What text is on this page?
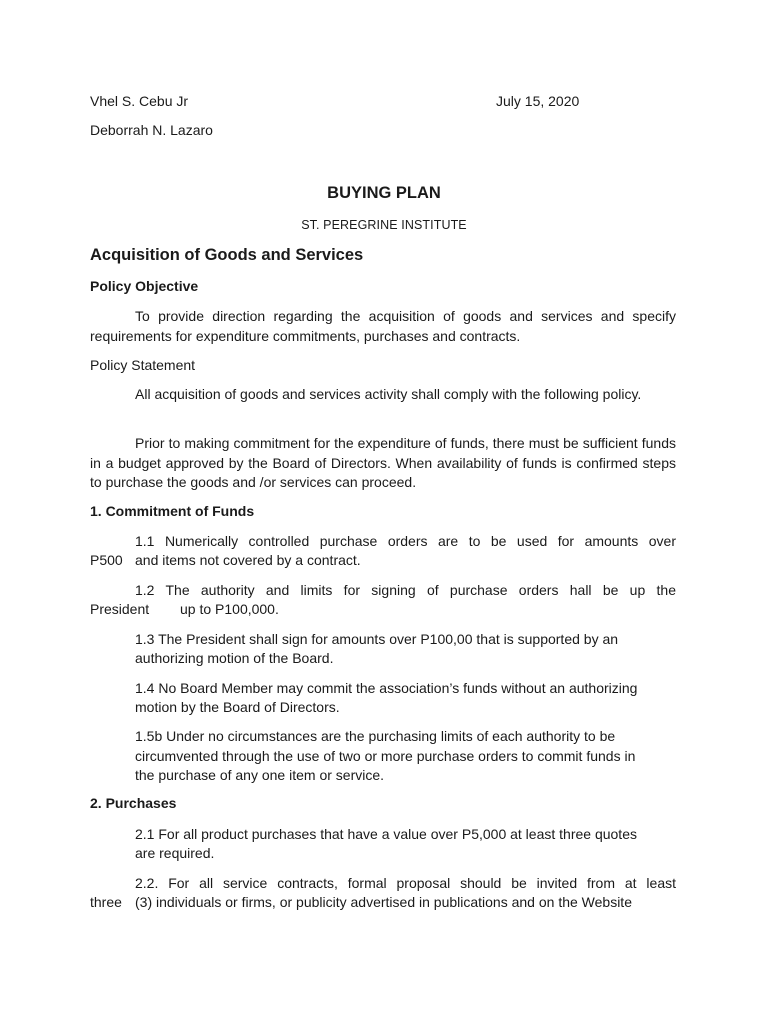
Vhel S. Cebu Jr	July 15, 2020

Deborrah N. Lazaro

BUYING PLAN

ST. PEREGRINE INSTITUTE

Acquisition of Goods and Services

Policy Objective

To provide direction regarding the acquisition of goods and services and specify requirements for expenditure commitments, purchases and contracts.

Policy Statement

All acquisition of goods and services activity shall comply with the following policy.

Prior to making commitment for the expenditure of funds, there must be sufficient funds in a budget approved by the Board of Directors. When availability of funds is confirmed steps to purchase the goods and /or services can proceed.

1. Commitment of Funds

1.1 Numerically controlled purchase orders are to be used for amounts over

P500 and items not covered by a contract.

1.2 The authority and limits for signing of purchase orders hall be up the

President up to P100,000.

1.3 The President shall sign for amounts over P100,00 that is supported by an

authorizing motion of the Board.

1.4 No Board Member may commit the association’s funds without an authorizing

motion by the Board of Directors.

1.5b Under no circumstances are the purchasing limits of each authority to be

circumvented through the use of two or more purchase orders to commit funds in

the purchase of any one item or service.

2. Purchases

2.1 For all product purchases that have a value over P5,000 at least three quotes

are required.

2.2. For all service contracts, formal proposal should be invited from at least

three (3) individuals or firms, or publicity advertised in publications and on the Website
